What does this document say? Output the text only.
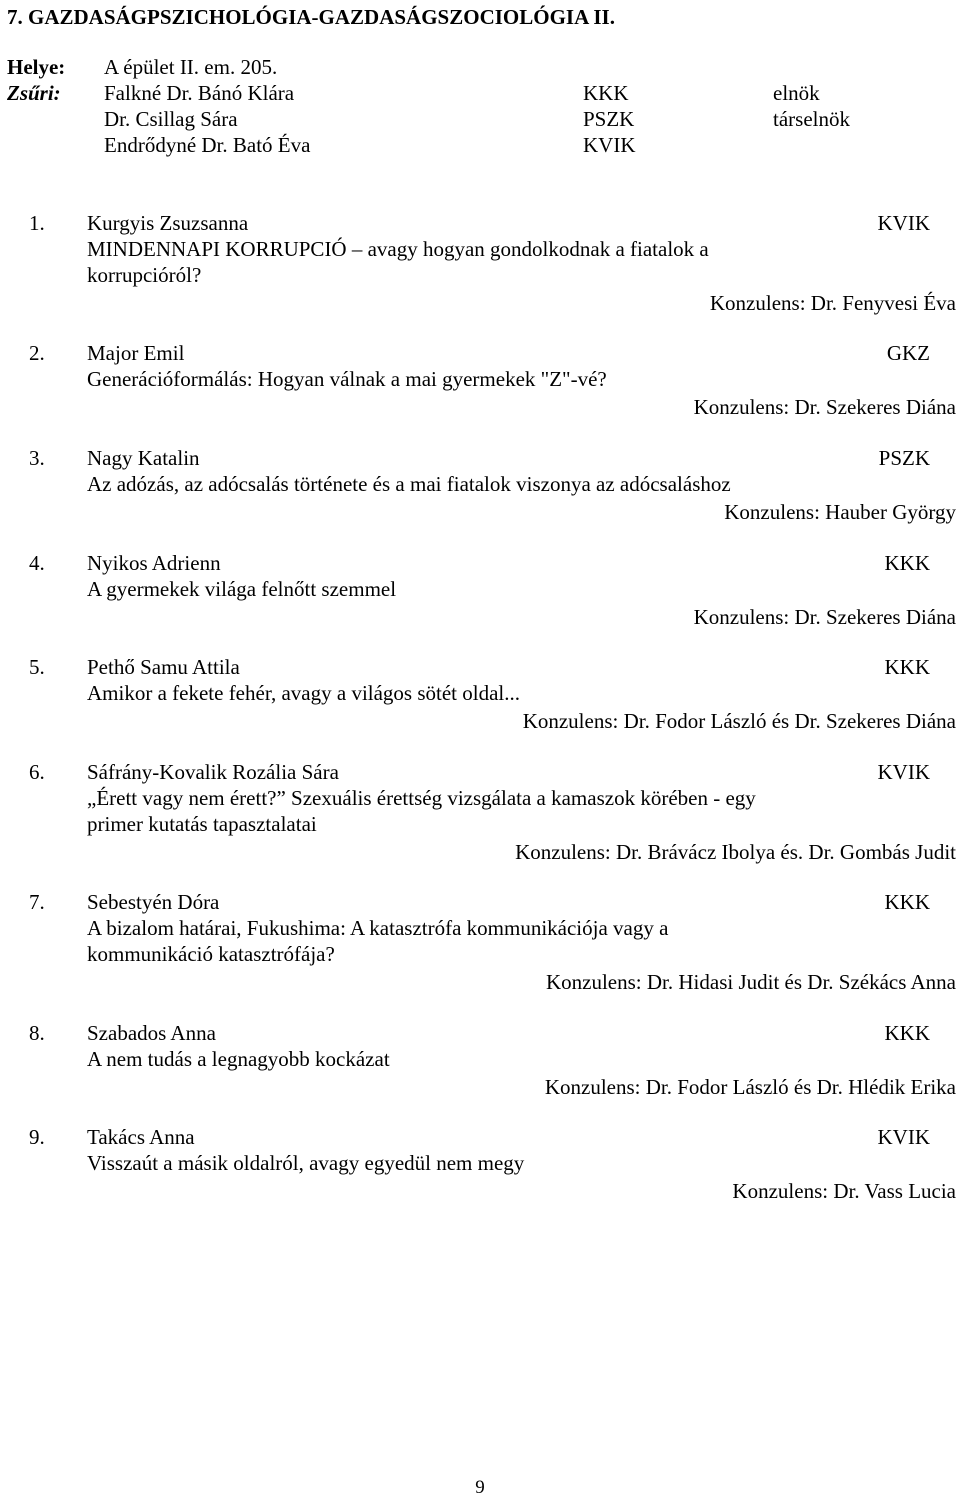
7. GAZDASÁGPSZICHOLÓGIA-GAZDASÁGSZOCIOLÓGIA II.
Helye: A épület II. em. 205.
Zsűri: Falkné Dr. Bánó Klára	KKK	elnök
Dr. Csillag Sára	PSZK	társelnök
Endrődyné Dr. Bató Éva	KVIK
1. Kurgyis Zsuzsanna	KVIK
MINDENNAPI KORRUPCIÓ – avagy hogyan gondolkodnak a fiatalok a
korrupcióról?
Konzulens: Dr. Fenyvesi Éva
2. Major Emil	GKZ
Generációformálás: Hogyan válnak a mai gyermekek "Z"-vé?
Konzulens: Dr. Szekeres Diána
3. Nagy Katalin	PSZK
Az adózás, az adócsalás története és a mai fiatalok viszonya az adócsaláshoz
Konzulens: Hauber György
4. Nyikos Adrienn	KKK
A gyermekek világa felnőtt szemmel
Konzulens: Dr. Szekeres Diána
5. Pethő Samu Attila	KKK
Amikor a fekete fehér, avagy a világos sötét oldal...
Konzulens: Dr. Fodor László és Dr. Szekeres Diána
6. Sáfrány-Kovalik Rozália Sára	KVIK
„Érett vagy nem érett?” Szexuális érettség vizsgálata a kamaszok körében - egy
primer kutatás tapasztalatai
Konzulens: Dr. Brávácz Ibolya és. Dr. Gombás Judit
7. Sebestyén Dóra	KKK
A bizalom határai, Fukushima: A katasztrófa kommunikációja vagy a
kommunikáció katasztrófája?
Konzulens: Dr. Hidasi Judit és Dr. Székács Anna
8. Szabados Anna	KKK
A nem tudás a legnagyobb kockázat
Konzulens: Dr. Fodor László és Dr. Hlédik Erika
9. Takács Anna	KVIK
Visszaút a másik oldalról, avagy egyedül nem megy
Konzulens: Dr. Vass Lucia
9
